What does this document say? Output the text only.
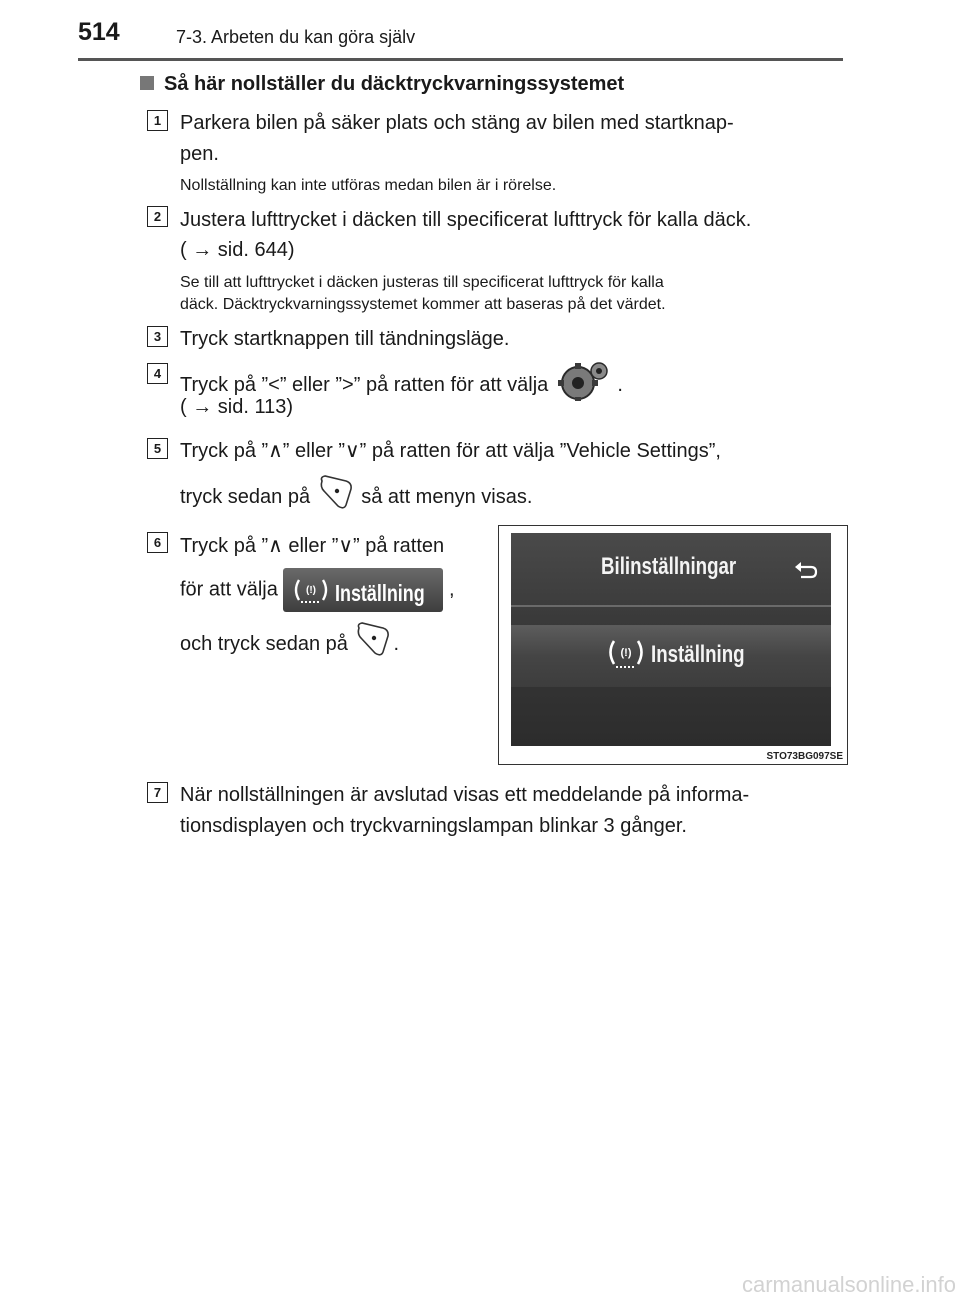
514	7-3. Arbeten du kan göra själv
Så här nollställer du däcktryckvarningssystemet
1 Parkera bilen på säker plats och stäng av bilen med startknap-
pen.
Nollställning kan inte utföras medan bilen är i rörelse.
2 Justera lufttrycket i däcken till specificerat lufttryck för kalla däck.
( → sid. 644)
Se till att lufttrycket i däcken justeras till specificerat lufttryck för kalla
däck. Däcktryckvarningssystemet kommer att baseras på det värdet.
3 Tryck startknappen till tändningsläge.
4
Tryck på ”<” eller ”>” på ratten för att välja	.
( → sid. 113)
5 Tryck på ”∧” eller ”∨” på ratten för att välja ”Vehicle Settings”,
tryck sedan på	så att menyn visas.
6 Tryck på ”∧ eller ”∨” på ratten
för att välja	(!) Inställning ,
och tryck sedan på .
Bilinställningar
(!) Inställning
STO73BG097SE
7 När nollställningen är avslutad visas ett meddelande på informa-
tionsdisplayen och tryckvarningslampan blinkar 3 gånger.
carmanualsonline.info
